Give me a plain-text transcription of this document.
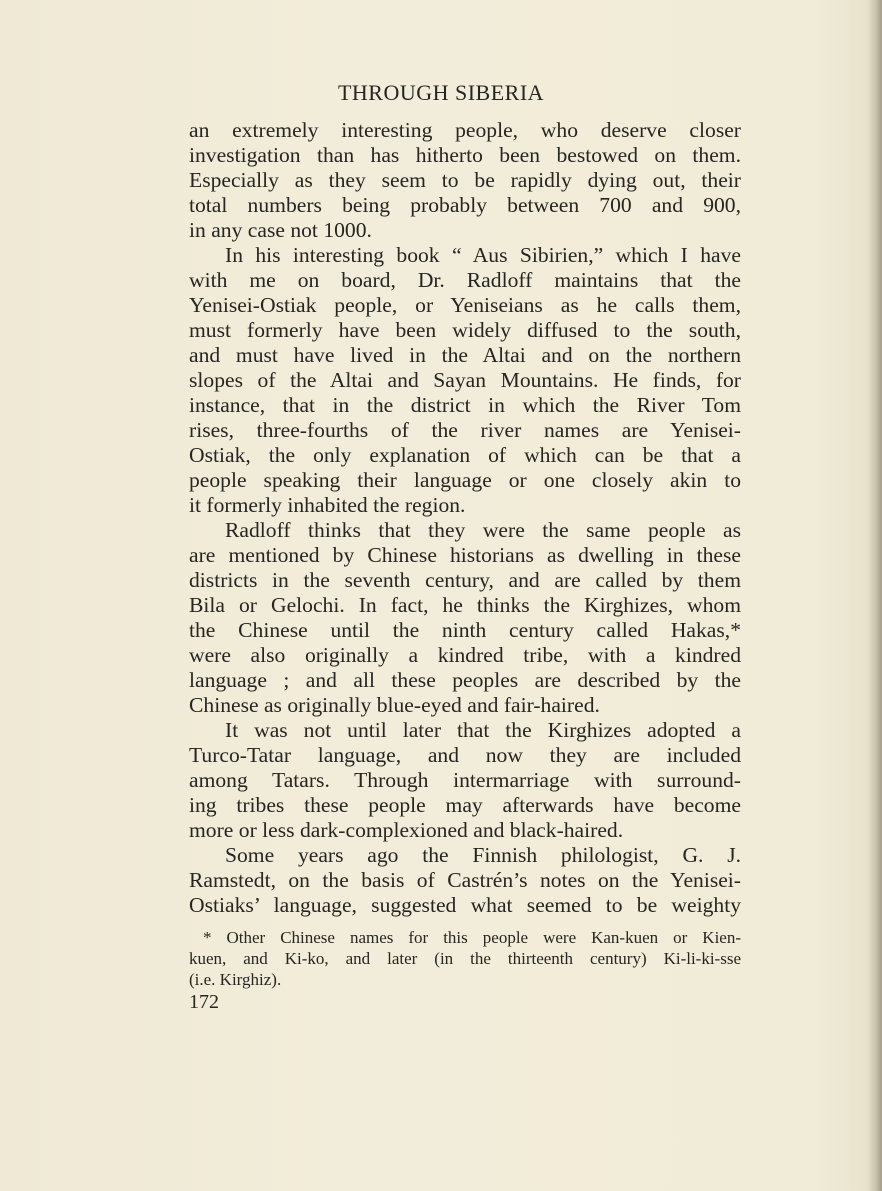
THROUGH SIBERIA
an extremely interesting people, who deserve closer
investigation than has hitherto been bestowed on them.
Especially as they seem to be rapidly dying out, their
total numbers being probably between 700 and 900,
in any case not 1000.
In his interesting book “ Aus Sibirien,” which I have
with me on board, Dr. Radloff maintains that the
Yenisei-Ostiak people, or Yeniseians as he calls them,
must formerly have been widely diffused to the south,
and must have lived in the Altai and on the northern
slopes of the Altai and Sayan Mountains. He finds, for
instance, that in the district in which the River Tom
rises, three-fourths of the river names are Yenisei-
Ostiak, the only explanation of which can be that a
people speaking their language or one closely akin to
it formerly inhabited the region.
Radloff thinks that they were the same people as
are mentioned by Chinese historians as dwelling in these
districts in the seventh century, and are called by them
Bila or Gelochi. In fact, he thinks the Kirghizes, whom
the Chinese until the ninth century called Hakas,*
were also originally a kindred tribe, with a kindred
language ; and all these peoples are described by the
Chinese as originally blue-eyed and fair-haired.
It was not until later that the Kirghizes adopted a
Turco-Tatar language, and now they are included
among Tatars. Through intermarriage with surround-
ing tribes these people may afterwards have become
more or less dark-complexioned and black-haired.
Some years ago the Finnish philologist, G. J.
Ramstedt, on the basis of Castrén’s notes on the Yenisei-
Ostiaks’ language, suggested what seemed to be weighty
* Other Chinese names for this people were Kan-kuen or Kien-
kuen, and Ki-ko, and later (in the thirteenth century) Ki-li-ki-sse
(i.e. Kirghiz).
172
